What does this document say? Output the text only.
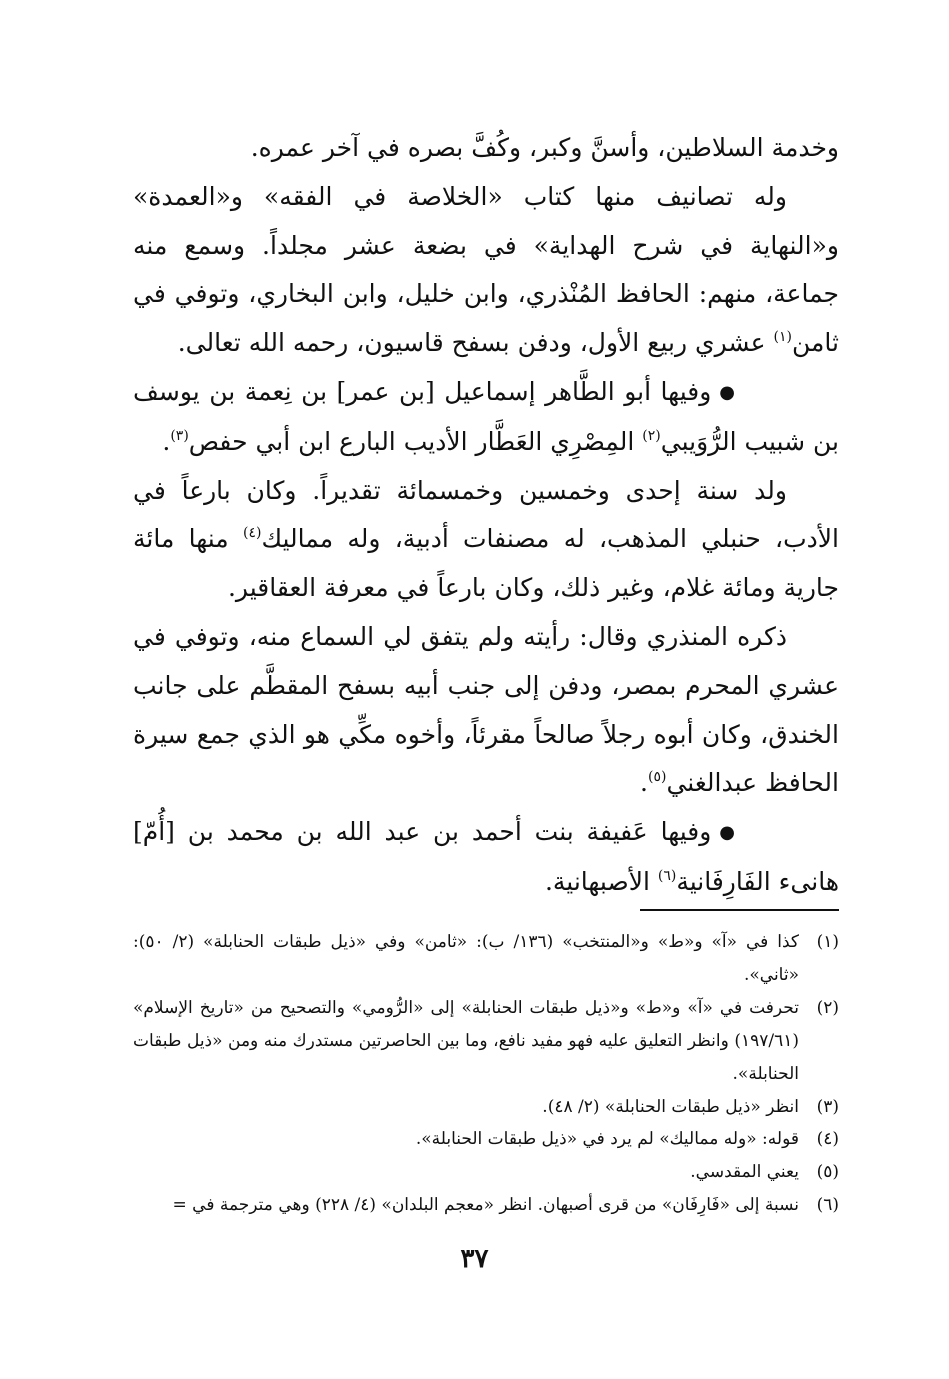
وخدمة السلاطين، وأسنَّ وكبر، وكُفَّ بصره في آخر عمره.

وله تصانيف منها كتاب «الخلاصة في الفقه» و«العمدة» و«النهاية في شرح الهداية» في بضعة عشر مجلداً. وسمع منه جماعة، منهم: الحافظ المُنْذري، وابن خليل، وابن البخاري، وتوفي في ثامن$^{(١)}$ عشري ربيع الأول، ودفن بسفح قاسيون، رحمه الله تعالى.

●وفيها أبو الطَّاهر إسماعيل [بن عمر] بن نِعمة بن يوسف بن شبيب الرُّوَيبي$^{(٢)}$ المِصْرِي العَطَّار الأديب البارع ابن أبي حفص$^{(٣)}$.

ولد سنة إحدى وخمسين وخمسمائة تقديراً. وكان بارعاً في الأدب، حنبلي المذهب، له مصنفات أدبية، وله مماليك$^{(٤)}$ منها مائة جارية ومائة غلام، وغير ذلك، وكان بارعاً في معرفة العقاقير.

ذكره المنذري وقال: رأيته ولم يتفق لي السماع منه، وتوفي في عشري المحرم بمصر، ودفن إلى جنب أبيه بسفح المقطَّم على جانب الخندق، وكان أبوه رجلاً صالحاً مقرئاً، وأخوه مكِّي هو الذي جمع سيرة الحافظ عبدالغني$^{(٥)}$.

●وفيها عَفيفة بنت أحمد بن عبد الله بن محمد بن [أُمّ] هانىء الفَارِفَانية$^{(٦)}$ الأصبهانية.

(١)كذا في «آ» و«ط» و«المنتخب» (١٣٦/ ب): «ثامن» وفي «ذيل طبقات الحنابلة» (٢/ ٥٠): «ثاني».

(٢)تحرفت في «آ» و«ط» و«ذيل طبقات الحنابلة» إلى «الرُّومي» والتصحيح من «تاريخ الإسلام» (١٩٧/٦١) وانظر التعليق عليه فهو مفيد نافع، وما بين الحاصرتين مستدرك منه ومن «ذيل طبقات الحنابلة».

(٣)انظر «ذيل طبقات الحنابلة» (٢/ ٤٨).

(٤)قوله: «وله مماليك» لم يرد في «ذيل طبقات الحنابلة».

(٥)يعني المقدسي.

(٦)نسبة إلى «فَارِفَان» من قرى أصبهان. انظر «معجم البلدان» (٤/ ٢٢٨) وهي مترجمة في =

٣٧
